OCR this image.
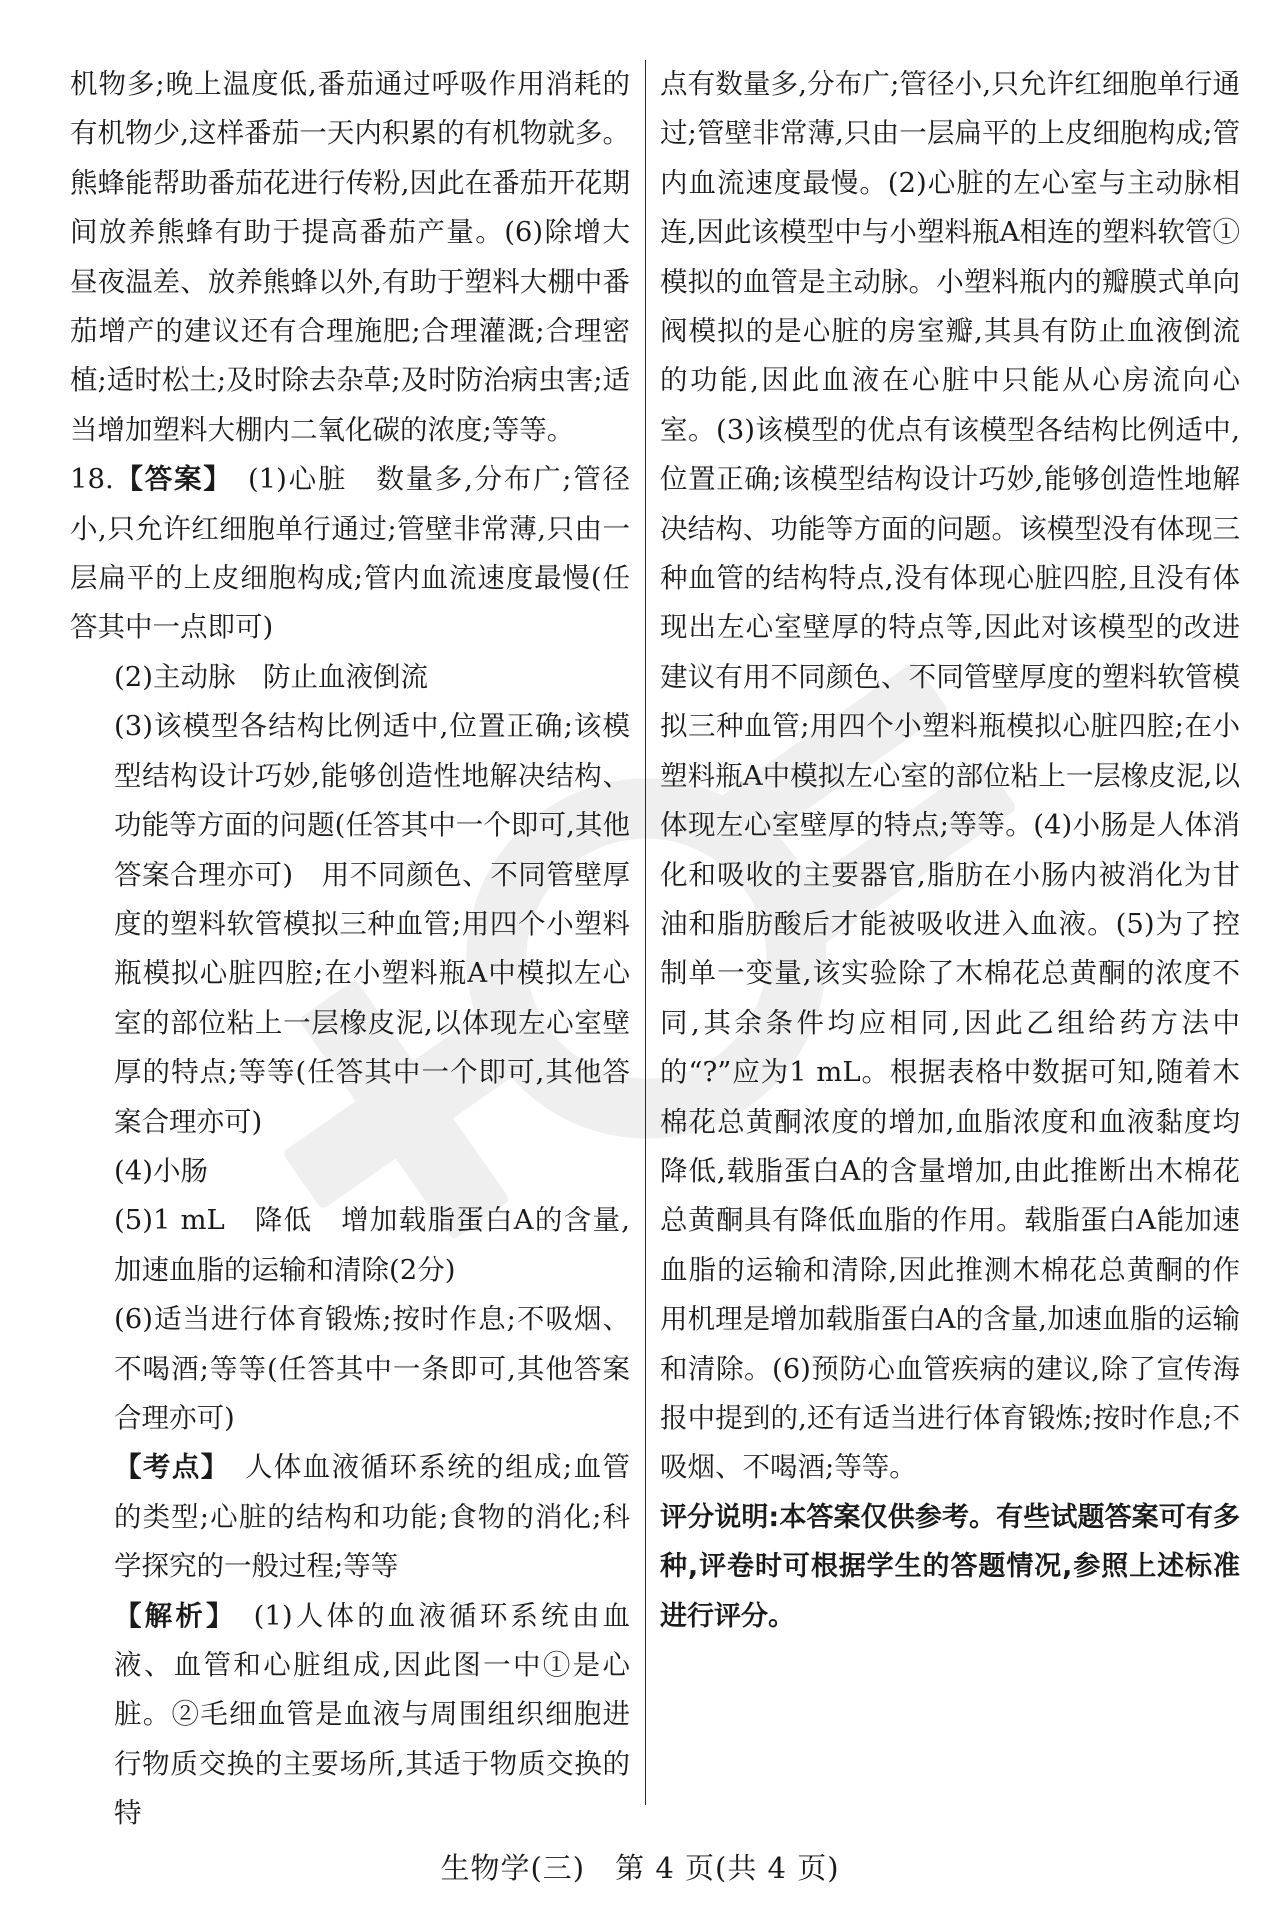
机物多;晚上温度低,番茄通过呼吸作用消耗的有机物少,这样番茄一天内积累的有机物就多。熊蜂能帮助番茄花进行传粉,因此在番茄开花期间放养熊蜂有助于提高番茄产量。(6)除增大昼夜温差、放养熊蜂以外,有助于塑料大棚中番茄增产的建议还有合理施肥;合理灌溉;合理密植;适时松土;及时除去杂草;及时防治病虫害;适当增加塑料大棚内二氧化碳的浓度;等等。

18.【答案】　 (1)心脏　数量多,分布广;管径小,只允许红细胞单行通过;管壁非常薄,只由一层扁平的上皮细胞构成;管内血流速度最慢(任答其中一点即可)

(2)主动脉　防止血液倒流

(3)该模型各结构比例适中,位置正确;该模型结构设计巧妙,能够创造性地解决结构、功能等方面的问题(任答其中一个即可,其他答案合理亦可)　用不同颜色、不同管壁厚度的塑料软管模拟三种血管;用四个小塑料瓶模拟心脏四腔;在小塑料瓶A中模拟左心室的部位粘上一层橡皮泥,以体现左心室壁厚的特点;等等(任答其中一个即可,其他答案合理亦可)

(4)小肠

(5)1 mL　降低　增加载脂蛋白A的含量,加速血脂的运输和清除(2分)

(6)适当进行体育锻炼;按时作息;不吸烟、不喝酒;等等(任答其中一条即可,其他答案合理亦可)

【考点】　 人体血液循环系统的组成;血管的类型;心脏的结构和功能;食物的消化;科学探究的一般过程;等等

【解析】　 (1)人体的血液循环系统由血液、血管和心脏组成,因此图一中①是心脏。②毛细血管是血液与周围组织细胞进行物质交换的主要场所,其适于物质交换的特

点有数量多,分布广;管径小,只允许红细胞单行通过;管壁非常薄,只由一层扁平的上皮细胞构成;管内血流速度最慢。(2)心脏的左心室与主动脉相连,因此该模型中与小塑料瓶A相连的塑料软管①模拟的血管是主动脉。小塑料瓶内的瓣膜式单向阀模拟的是心脏的房室瓣,其具有防止血液倒流的功能,因此血液在心脏中只能从心房流向心室。(3)该模型的优点有该模型各结构比例适中,位置正确;该模型结构设计巧妙,能够创造性地解决结构、功能等方面的问题。该模型没有体现三种血管的结构特点,没有体现心脏四腔,且没有体现出左心室壁厚的特点等,因此对该模型的改进建议有用不同颜色、不同管壁厚度的塑料软管模拟三种血管;用四个小塑料瓶模拟心脏四腔;在小塑料瓶A中模拟左心室的部位粘上一层橡皮泥,以体现左心室壁厚的特点;等等。(4)小肠是人体消化和吸收的主要器官,脂肪在小肠内被消化为甘油和脂肪酸后才能被吸收进入血液。(5)为了控制单一变量,该实验除了木棉花总黄酮的浓度不同,其余条件均应相同,因此乙组给药方法中的“?”应为1 mL。根据表格中数据可知,随着木棉花总黄酮浓度的增加,血脂浓度和血液黏度均降低,载脂蛋白A的含量增加,由此推断出木棉花总黄酮具有降低血脂的作用。载脂蛋白A能加速血脂的运输和清除,因此推测木棉花总黄酮的作用机理是增加载脂蛋白A的含量,加速血脂的运输和清除。(6)预防心血管疾病的建议,除了宣传海报中提到的,还有适当进行体育锻炼;按时作息;不吸烟、不喝酒;等等。

评分说明:本答案仅供参考。有些试题答案可有多种,评卷时可根据学生的答题情况,参照上述标准进行评分。

生物学(三)　第 4 页(共 4 页)
